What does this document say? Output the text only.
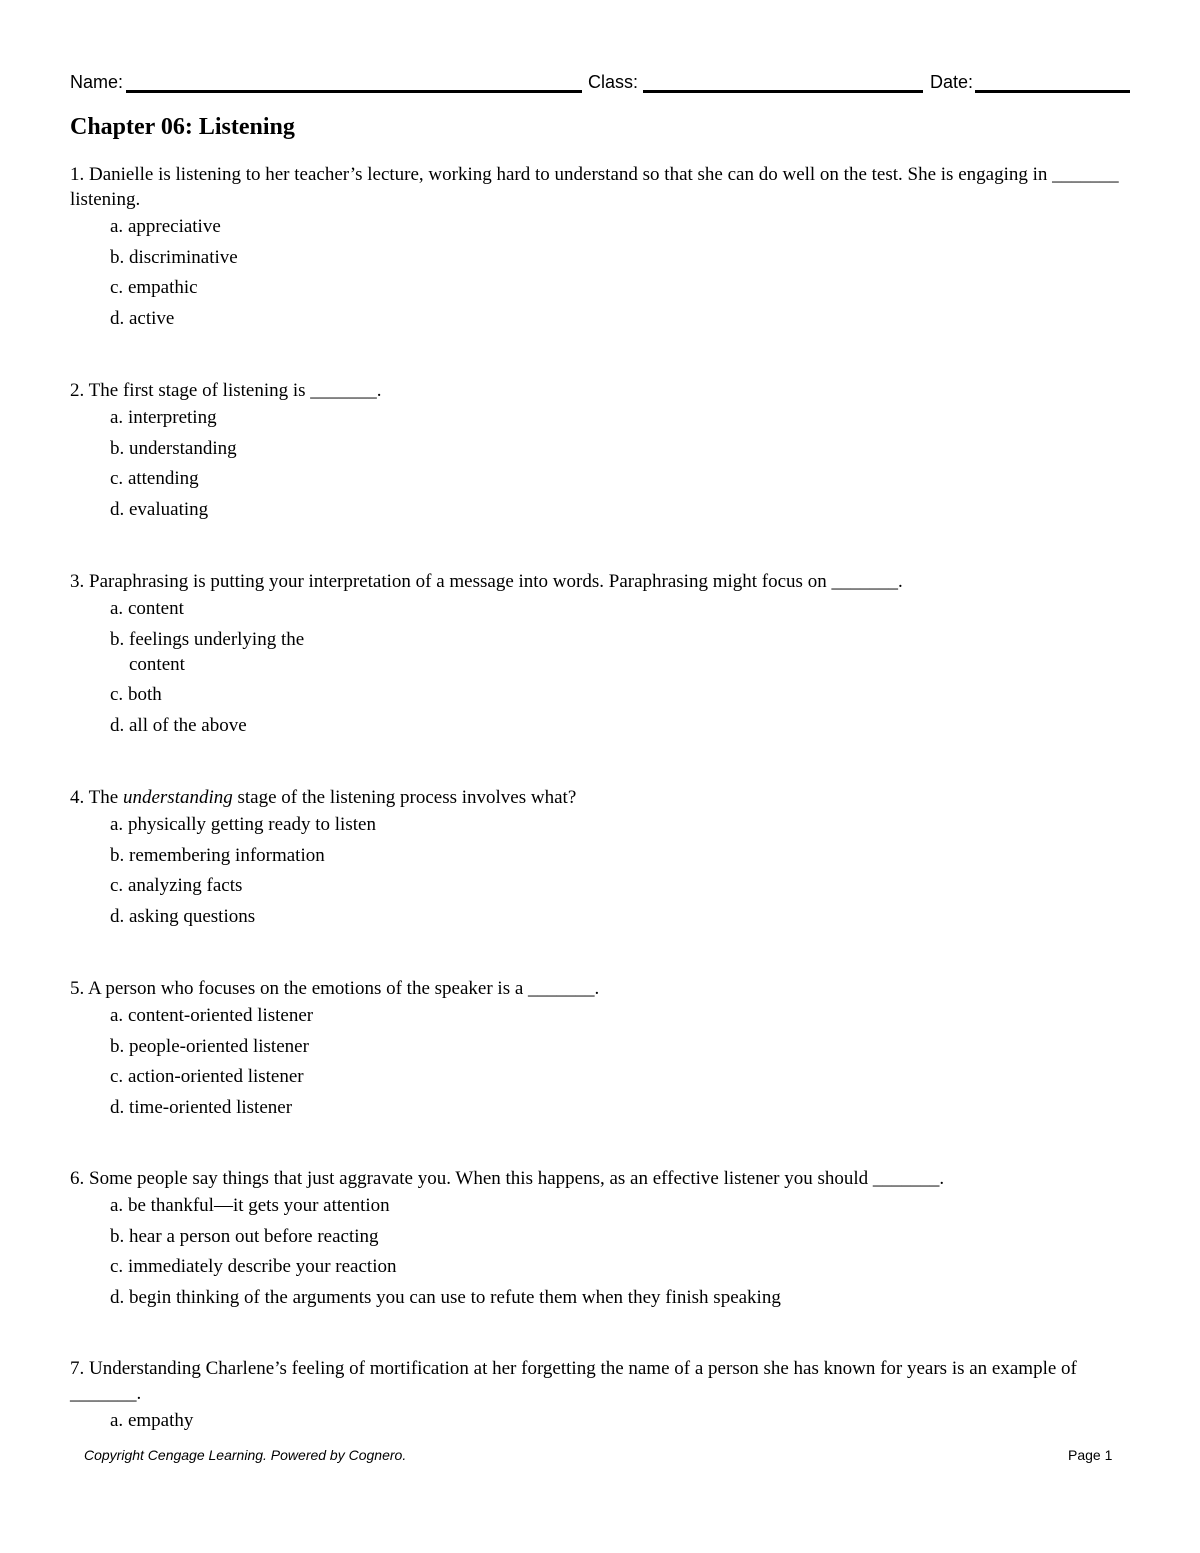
Name:	Class:	Date:
Chapter 06: Listening

1. Danielle is listening to her teacher’s lecture, working hard to understand so that she can do well on the test. She is engaging in _______ listening.

a.
appreciative
b.
discriminative
c.
empathic
d.
active

2. The first stage of listening is _______.

a.
interpreting
b.
understanding
c.
attending
d.
evaluating

3. Paraphrasing is putting your interpretation of a message into words. Paraphrasing might focus on _______.

a.
content
b.
feelings underlying the content
c.
both
d.
all of the above

4. The understanding stage of the listening process involves what?

a.
physically getting ready to listen
b.
remembering information
c.
analyzing facts
d.
asking questions

5. A person who focuses on the emotions of the speaker is a _______.

a.
content-oriented listener
b.
people-oriented listener
c.
action-oriented listener
d.
time-oriented listener

6. Some people say things that just aggravate you. When this happens, as an effective listener you should _______.

a.
be thankful—it gets your attention
b.
hear a person out before reacting
c.
immediately describe your reaction
d.
begin thinking of the arguments you can use to refute them when they finish speaking

7. Understanding Charlene’s feeling of mortification at her forgetting the name of a person she has known for years is an example of _______.

a.
empathy
Copyright Cengage Learning. Powered by Cognero.	Page 1
